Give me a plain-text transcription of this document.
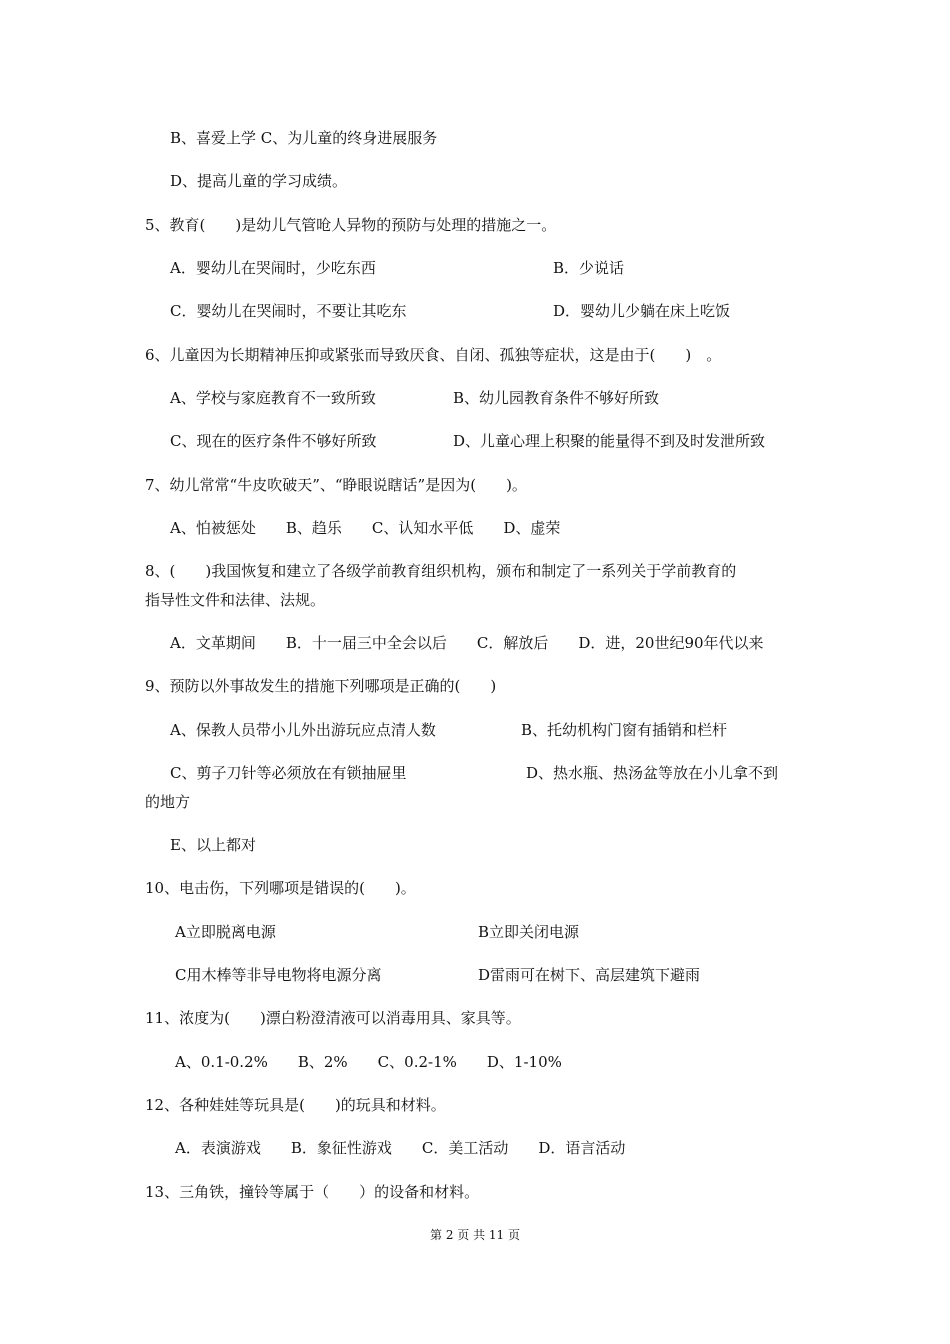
B、喜爱上学 C、为儿童的终身进展服务
D、提高儿童的学习成绩。
5、教育(　　)是幼儿气管呛人异物的预防与处理的措施之一。
A．婴幼儿在哭闹时，少吃东西	B．少说话
C．婴幼儿在哭闹时，不要让其吃东	D．婴幼儿少躺在床上吃饭
6、儿童因为长期精神压抑或紧张而导致厌食、自闭、孤独等症状，这是由于(　　)　。
A、学校与家庭教育不一致所致	B、幼儿园教育条件不够好所致
C、现在的医疗条件不够好所致	D、儿童心理上积聚的能量得不到及时发泄所致
7、幼儿常常“牛皮吹破天”、“睁眼说瞎话”是因为(　　)。
A、怕被惩处　　B、趋乐　　C、认知水平低　　D、虚荣
8、(　　)我国恢复和建立了各级学前教育组织机构，颁布和制定了一系列关于学前教育的
指导性文件和法律、法规。
A．文革期间　　B．十一届三中全会以后　　C．解放后　　D．进，20世纪90年代以来
9、预防以外事故发生的措施下列哪项是正确的(　　)
A、保教人员带小儿外出游玩应点清人数	B、托幼机构门窗有插销和栏杆
C、剪子刀针等必须放在有锁抽屉里	D、热水瓶、热汤盆等放在小儿拿不到
的地方
E、以上都对
10、电击伤，下列哪项是错误的(　　)。
A立即脱离电源	B立即关闭电源
C用木棒等非导电物将电源分离	D雷雨可在树下、高层建筑下避雨
11、浓度为(　　)漂白粉澄清液可以消毒用具、家具等。
A、0.1-0.2%　　B、2%　　C、0.2-1%　　D、1-10%
12、各种娃娃等玩具是(　　)的玩具和材料。
A．表演游戏　　B．象征性游戏　　C．美工活动　　D．语言活动
13、三角铁，撞铃等属于（　　）的设备和材料。
第 2 页 共 11 页
